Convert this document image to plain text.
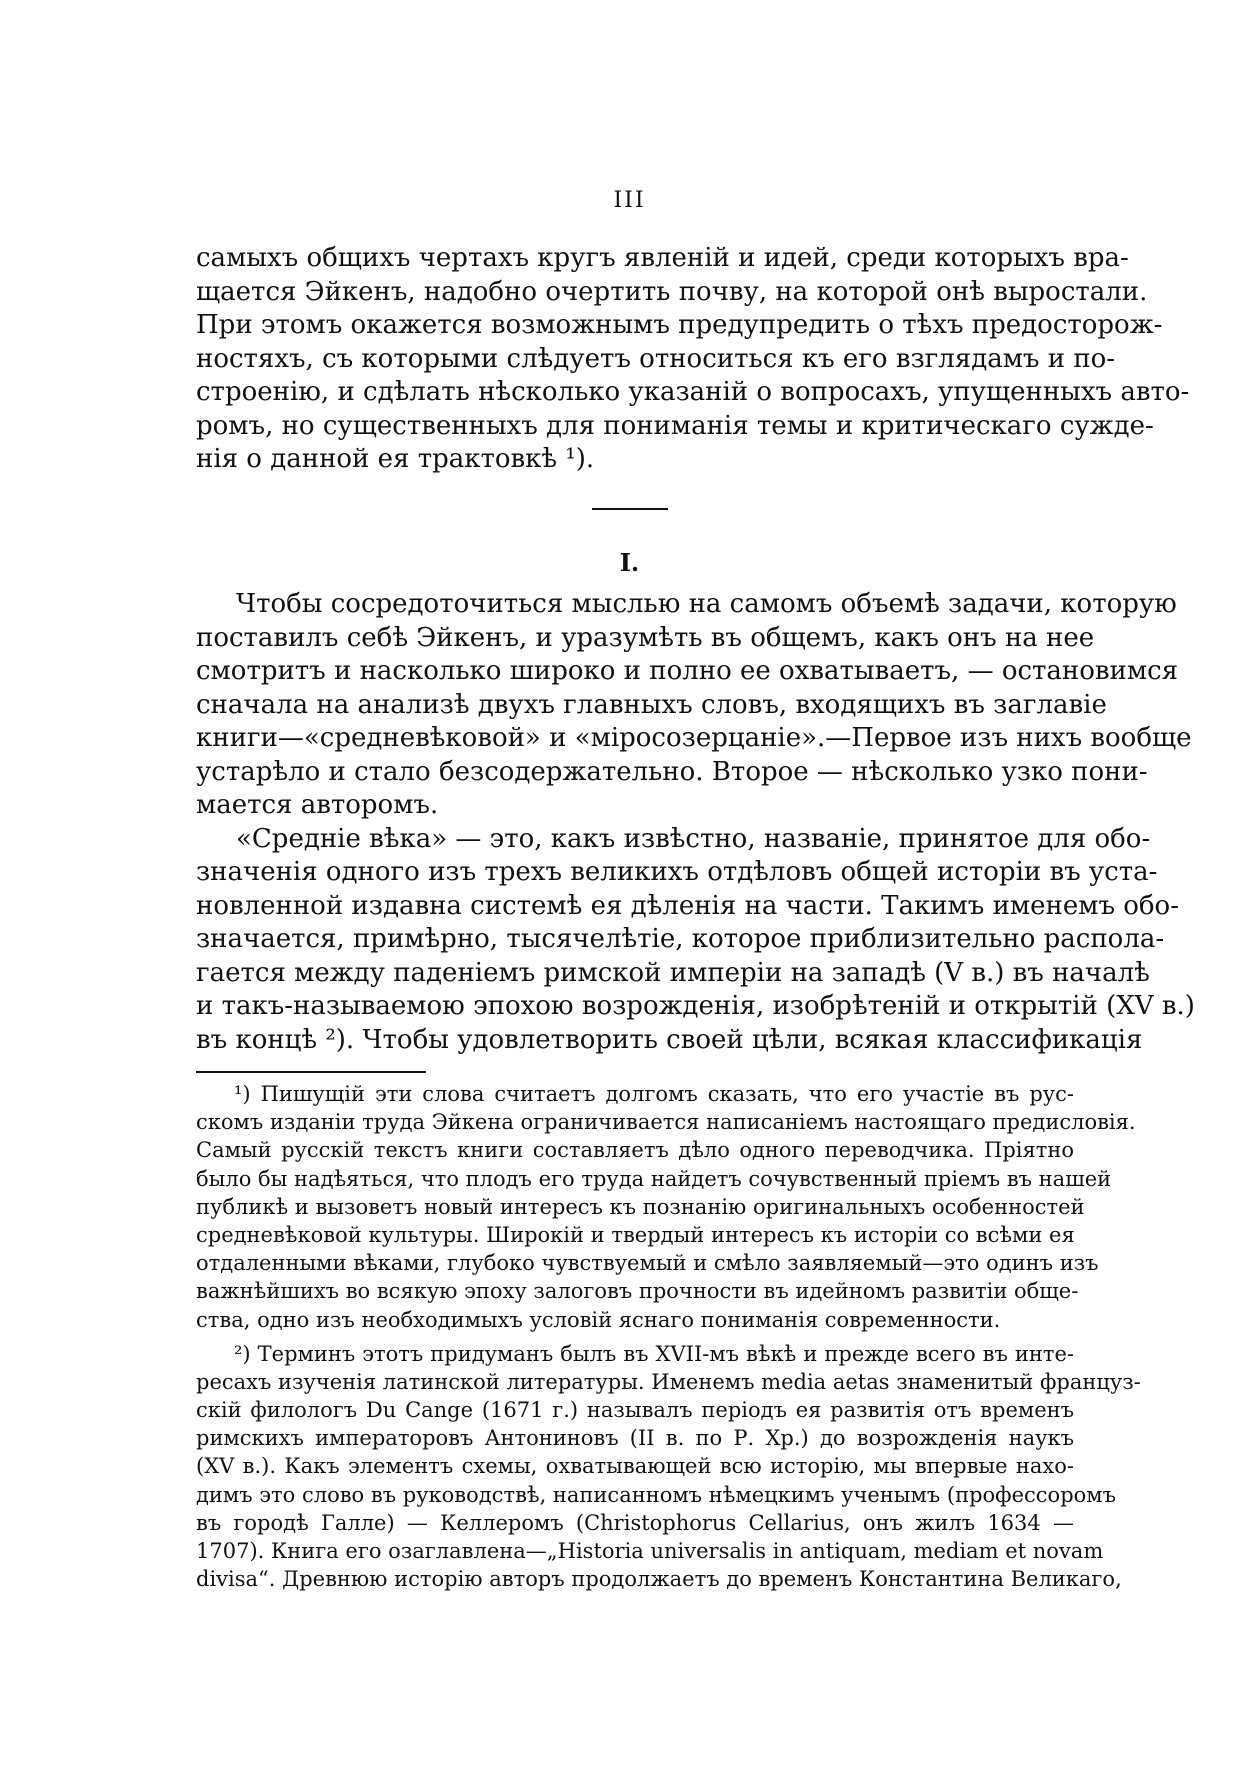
III
самыхъ общихъ чертахъ кругъ явленій и идей, среди которыхъ вра-
щается Эйкенъ, надобно очертить почву, на которой онѣ выростали.
При этомъ окажется возможнымъ предупредить о тѣхъ предосторож-
ностяхъ, съ которыми слѣдуетъ относиться къ его взглядамъ и по-
строенію, и сдѣлать нѣсколько указаній о вопросахъ, упущенныхъ авто-
ромъ, но существенныхъ для пониманія темы и критическаго сужде-
нія о данной ея трактовкѣ ¹).
I.
Чтобы сосредоточиться мыслью на самомъ объемѣ задачи, которую
поставилъ себѣ Эйкенъ, и уразумѣть въ общемъ, какъ онъ на нее
смотритъ и насколько широко и полно ее охватываетъ, — остановимся
сначала на анализѣ двухъ главныхъ словъ, входящихъ въ заглавіе
книги—«средневѣковой» и «міросозерцаніе».—Первое изъ нихъ вообще
устарѣло и стало безсодержательно. Второе — нѣсколько узко пони-
мается авторомъ.
«Средніе вѣка» — это, какъ извѣстно, названіе, принятое для обо-
значенія одного изъ трехъ великихъ отдѣловъ общей исторіи въ уста-
новленной издавна системѣ ея дѣленія на части. Такимъ именемъ обо-
значается, примѣрно, тысячелѣтіе, которое приблизительно распола-
гается между паденіемъ римской имперіи на западѣ (V в.) въ началѣ
и такъ-называемою эпохою возрожденія, изобрѣтеній и открытій (XV в.)
въ концѣ ²). Чтобы удовлетворить своей цѣли, всякая классификація
¹) Пишущій эти слова считаетъ долгомъ сказать, что его участіе въ рус-
скомъ изданіи труда Эйкена ограничивается написаніемъ настоящаго предисловія.
Самый русскій текстъ книги составляетъ дѣло одного переводчика. Пріятно
было бы надѣяться, что плодъ его труда найдетъ сочувственный пріемъ въ нашей
публикѣ и вызоветъ новый интересъ къ познанію оригинальныхъ особенностей
средневѣковой культуры. Широкій и твердый интересъ къ исторіи со всѣми ея
отдаленными вѣками, глубоко чувствуемый и смѣло заявляемый—это одинъ изъ
важнѣйшихъ во всякую эпоху залоговъ прочности въ идейномъ развитіи обще-
ства, одно изъ необходимыхъ условій яснаго пониманія современности.
²) Терминъ этотъ придуманъ былъ въ XVII-мъ вѣкѣ и прежде всего въ инте-
ресахъ изученія латинской литературы. Именемъ media aetas знаменитый француз-
скій филологъ Du Cange (1671 г.) называлъ періодъ ея развитія отъ временъ
римскихъ императоровъ Антониновъ (II в. по Р. Хр.) до возрожденія наукъ
(XV в.). Какъ элементъ схемы, охватывающей всю исторію, мы впервые нахо-
димъ это слово въ руководствѣ, написанномъ нѣмецкимъ ученымъ (профессоромъ
въ городѣ Галле) — Келлеромъ (Christophorus Cellarius, онъ жилъ 1634 —
1707). Книга его озаглавлена—„Historia universalis in antiquam, mediam et novam
divisa“. Древнюю исторію авторъ продолжаетъ до временъ Константина Великаго,
